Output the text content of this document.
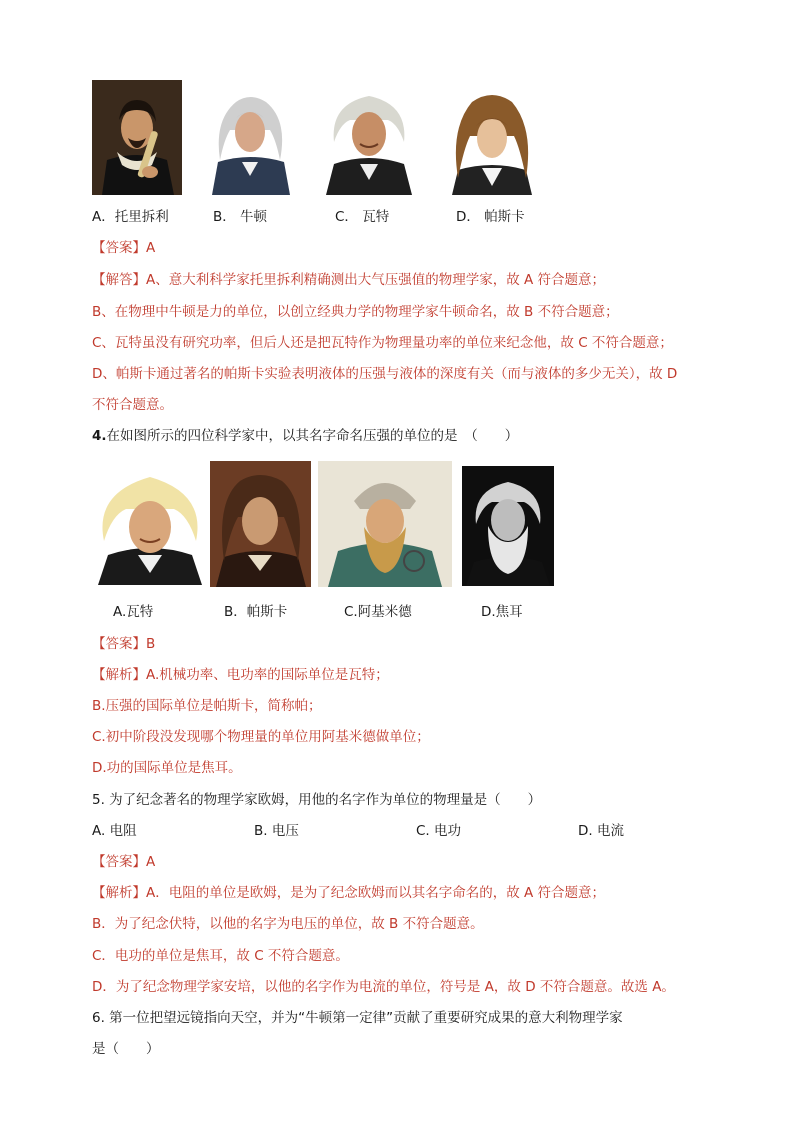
A．托里拆利	B． 牛顿	C． 瓦特	D． 帕斯卡
【答案】A
【解答】A、意大利科学家托里拆利精确测出大气压强值的物理学家，故 A 符合题意；
B、在物理中牛顿是力的单位，以创立经典力学的物理学家牛顿命名，故 B 不符合题意；
C、瓦特虽没有研究功率，但后人还是把瓦特作为物理量功率的单位来纪念他，故 C 不符合题意；
D、帕斯卡通过著名的帕斯卡实验表明液体的压强与液体的深度有关（而与液体的多少无关），故 D
不符合题意。
4.在如图所示的四位科学家中，以其名字命名压强的单位的是　（　　）
A.瓦特	B．帕斯卡	C.阿基米德	D.焦耳
【答案】B
【解析】A.机械功率、电功率的国际单位是瓦特；
B.压强的国际单位是帕斯卡，简称帕；
C.初中阶段没发现哪个物理量的单位用阿基米德做单位；
D.功的国际单位是焦耳。
5. 为了纪念著名的物理学家欧姆，用他的名字作为单位的物理量是（　　）
A. 电阻	B. 电压	C. 电功	D. 电流
【答案】A
【解析】A．电阻的单位是欧姆，是为了纪念欧姆而以其名字命名的，故 A 符合题意；
B．为了纪念伏特，以他的名字为电压的单位，故 B 不符合题意。
C．电功的单位是焦耳，故 C 不符合题意。
D．为了纪念物理学家安培，以他的名字作为电流的单位，符号是 A，故 D 不符合题意。故选 A。
6. 第一位把望远镜指向天空，并为“牛顿第一定律”贡献了重要研究成果的意大利物理学家
是（　　）
